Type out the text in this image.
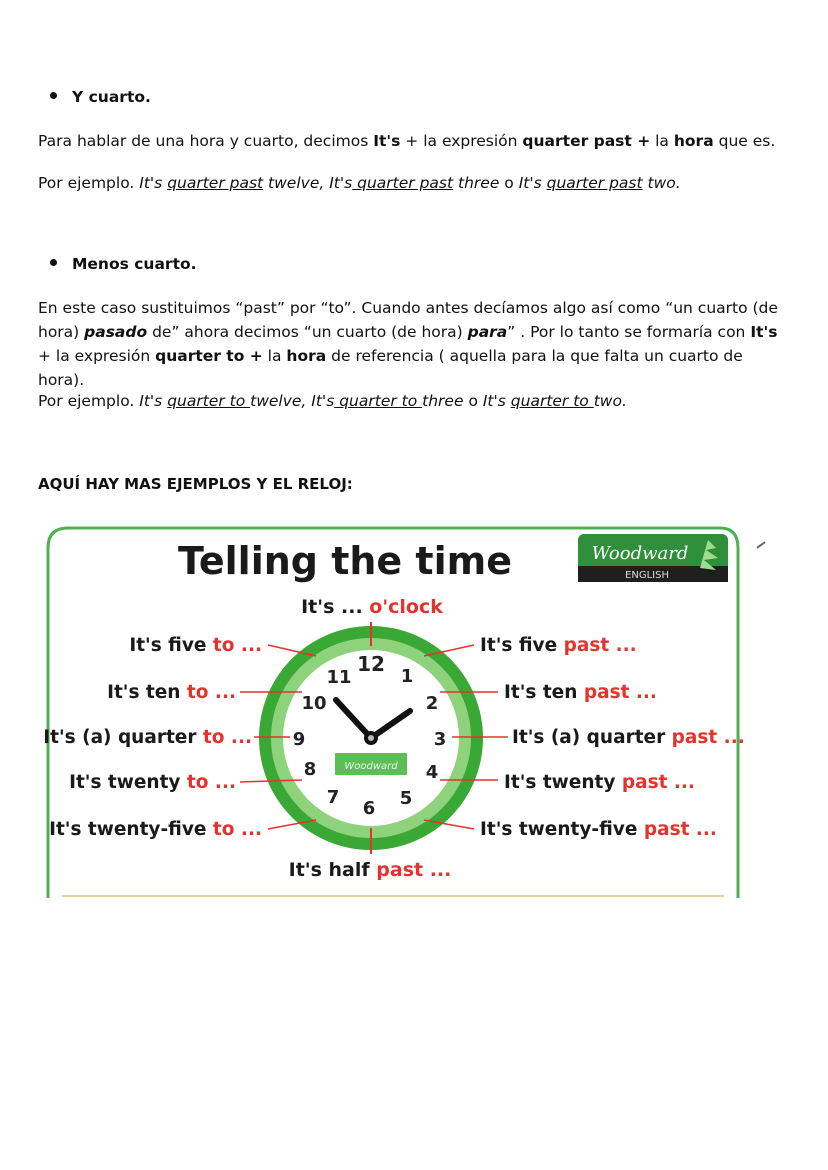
Y cuarto.
Para hablar de una hora y cuarto, decimos It's + la expresión quarter past + la hora que es.
Por ejemplo. It's quarter past twelve, It's quarter past three o It's quarter past two.
Menos cuarto.
En este caso sustituimos “past” por “to”. Cuando antes decíamos algo así como “un cuarto (de hora) pasado de” ahora decimos “un cuarto (de hora) para” . Por lo tanto se formaría con It's + la expresión quarter to + la hora de referencia ( aquella para la que falta un cuarto de hora).
Por ejemplo. It's quarter to twelve, It's quarter to three o It's quarter to two.
AQUÍ HAY MAS EJEMPLOS Y EL RELOJ:
Telling the time	Woodward
ENGLISH
It's ... o'clock
It's half past ...
Woodward
12
1
2
3
4
5
6
7
8
9
10
11
It's five to ...
It's ten to ...
It's (a) quarter to ...
It's twenty to ...
It's twenty-five to ...
It's five past ...
It's ten past ...
It's (a) quarter past ...
It's twenty past ...
It's twenty-five past ...
